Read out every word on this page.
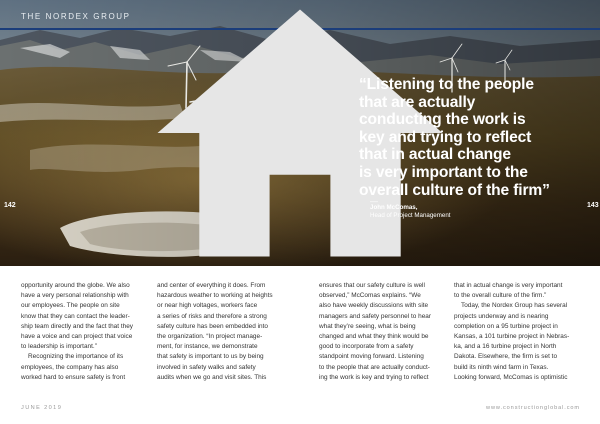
THE NORDEX GROUP
142	143
“Listening to the people
that are actually
conducting the work is
key and trying to reflect
that in actual change
is very important to the
overall culture of the firm”
—
John McComas,
Head of Project Management

opportunity around the globe. We also

have a very personal relationship with

our employees. The people on site

know that they can contact the leader-

ship team directly and the fact that they

have a voice and can project that voice

to leadership is important.”

Recognizing the importance of its

employees, the company has also

worked hard to ensure safety is front

and center of everything it does. From

hazardous weather to working at heights

or near high voltages, workers face

a series of risks and therefore a strong

safety culture has been embedded into

the organization. “In project manage-

ment, for instance, we demonstrate

that safety is important to us by being

involved in safety walks and safety

audits when we go and visit sites. This

ensures that our safety culture is well

observed,” McComas explains. “We

also have weekly discussions with site

managers and safety personnel to hear

what they’re seeing, what is being

changed and what they think would be

good to incorporate from a safety

standpoint moving forward. Listening

to the people that are actually conduct-

ing the work is key and trying to reflect

that in actual change is very important

to the overall culture of the firm.”

Today, the Nordex Group has several

projects underway and is nearing

completion on a 95 turbine project in

Kansas, a 101 turbine project in Nebras-

ka, and a 16 turbine project in North

Dakota. Elsewhere, the firm is set to

build its ninth wind farm in Texas.

Looking forward, McComas is optimistic

JUNE 2019	www.constructionglobal.com
